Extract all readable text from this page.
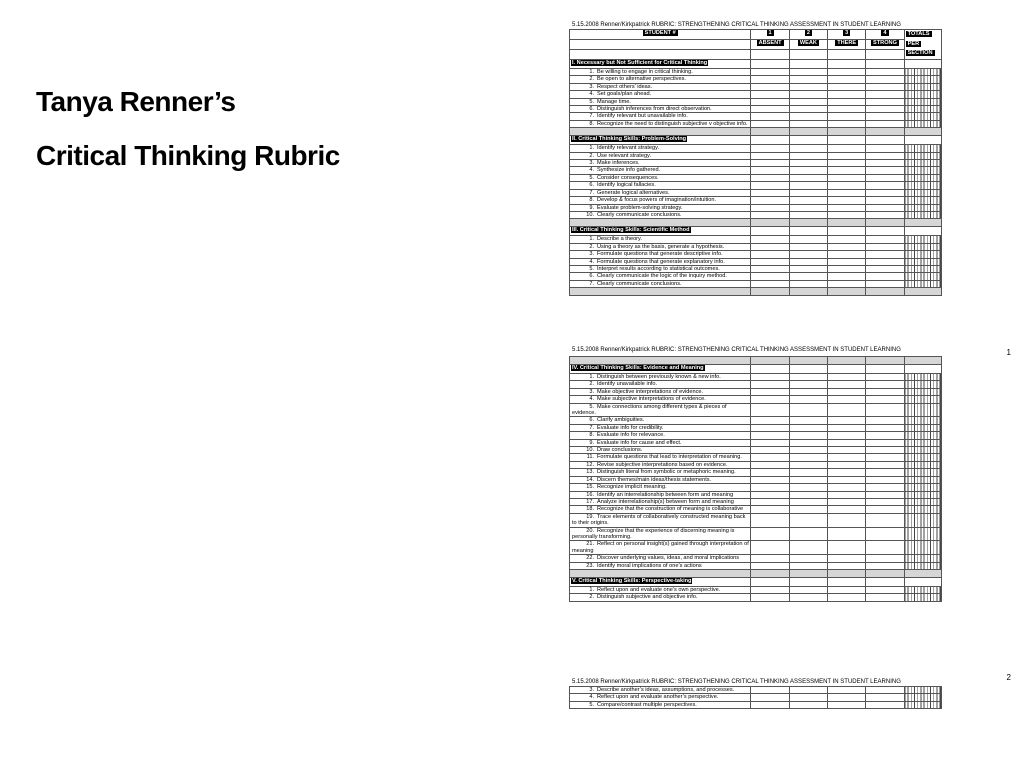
Tanya Renner’s
Critical Thinking Rubric
5.15.2008 Renner/Kirkpatrick RUBRIC: STRENGTHENING CRITICAL THINKING ASSESSMENT IN STUDENT LEARNING
STUDENT #	1	2	3	4	TOTALS
PER
SECTION
	ABSENT	WEAK	THERE	STRONG	

I. Necessary but Not Sufficient for Critical Thinking					
1. Be willing to engage in critical thinking.					
2. Be open to alternative perspectives.					
3. Respect others’ ideas.					
4. Set goals/plan ahead.					
5. Manage time.					
6. Distinguish inferences from direct observation.					
7. Identify relevant but unavailable info.					
8. Recognize the need to distinguish subjective v objective info.					

II. Critical Thinking Skills: Problem-Solving					
1. Identify relevant strategy.					
2. Use relevant strategy.					
3. Make inferences.					
4. Synthesize info gathered.					
5. Consider consequences.					
6. Identify logical fallacies.					
7. Generate logical alternatives.					
8. Develop & focus powers of imagination/intuition.					
9. Evaluate problem-solving strategy.					
10. Clearly communicate conclusions.					

III. Critical Thinking Skills: Scientific Method					
1. Describe a theory.					
2. Using a theory as the basis, generate a hypothesis.					
3. Formulate questions that generate descriptive info.					
4. Formulate questions that generate explanatory info.					
5. Interpret results according to statistical outcomes.					
6. Clearly communicate the logic of the inquiry method.					
7. Clearly communicate conclusions.					

1
5.15.2008 Renner/Kirkpatrick RUBRIC: STRENGTHENING CRITICAL THINKING ASSESSMENT IN STUDENT LEARNING

IV. Critical Thinking Skills: Evidence and Meaning					
1. Distinguish between previously known & new info.					
2. Identify unavailable info.					
3. Make objective interpretations of evidence.					
4. Make subjective interpretations of evidence.					
5. Make connections among different types & pieces of evidence.					
6. Clarify ambiguities.					
7. Evaluate info for credibility.					
8. Evaluate info for relevance.					
9. Evaluate info for cause and effect.					
10. Draw conclusions.					
11. Formulate questions that lead to interpretation of meaning.					
12. Revise subjective interpretations based on evidence.					
13. Distinguish literal from symbolic or metaphoric meaning.					
14. Discern themes/main ideas/thesis statements.					
15. Recognize implicit meaning.					
16. Identify an interrelationship between form and meaning					
17. Analyze interrelationship(s) between form and meaning					
18. Recognize that the construction of meaning is collaborative					
19. Trace elements of collaboratively constructed meaning back to their origins.					
20. Recognize that the experience of discerning meaning is personally transforming.					
21. Reflect on personal insight(s) gained through interpretation of meaning					
22. Discover underlying values, ideas, and moral implications					
23. Identify moral implications of one’s actions					

V. Critical Thinking Skills: Perspective-taking					
1. Reflect upon and evaluate one’s own perspective.					
2. Distinguish subjective and objective info.					
2
5.15.2008 Renner/Kirkpatrick RUBRIC: STRENGTHENING CRITICAL THINKING ASSESSMENT IN STUDENT LEARNING
3. Describe another’s ideas, assumptions, and processes.					
4. Reflect upon and evaluate another’s perspective.					
5. Compare/contrast multiple perspectives.					
